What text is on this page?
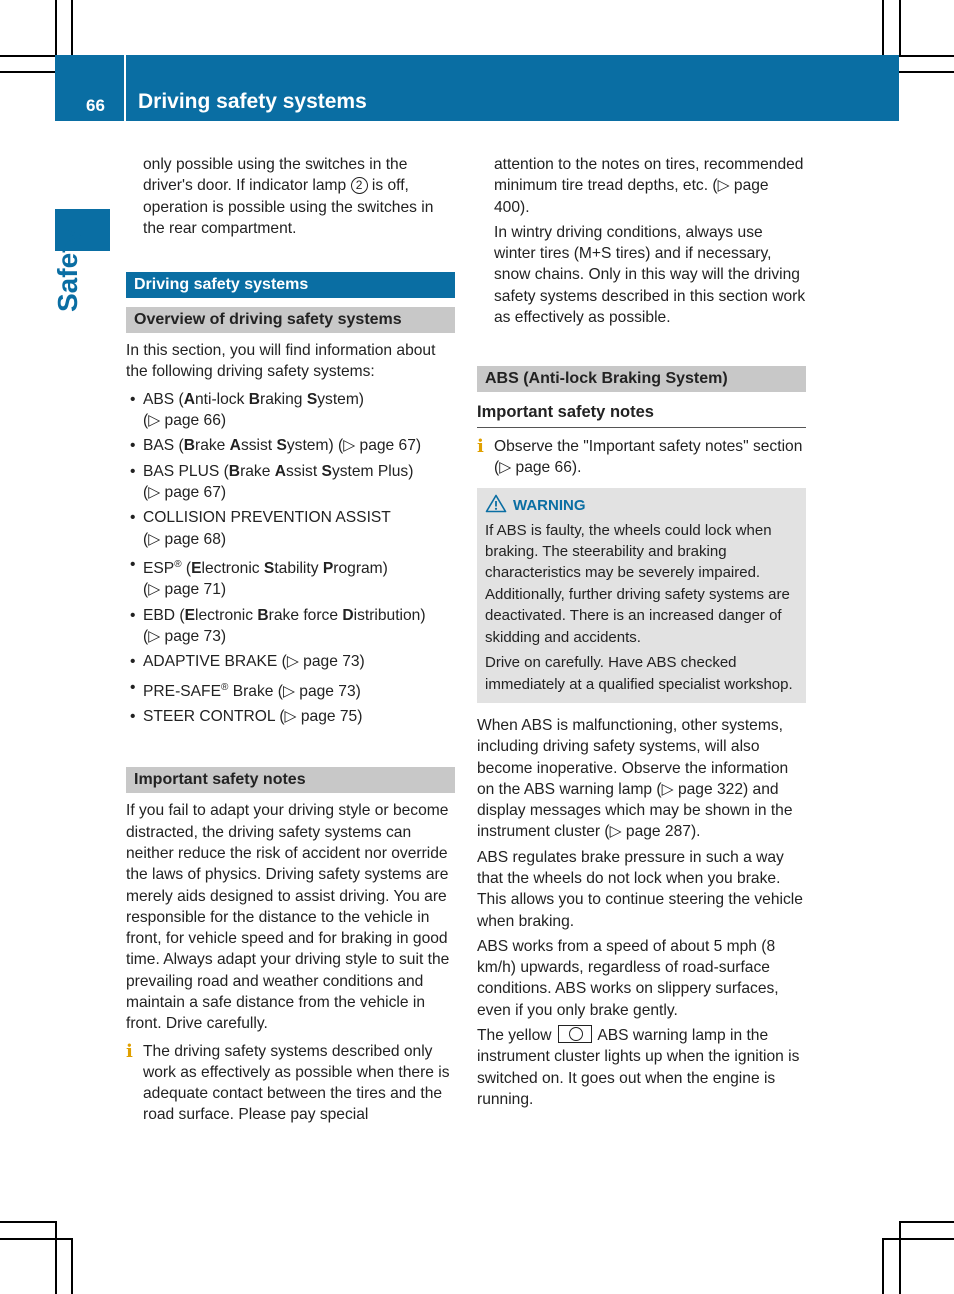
66 Driving safety systems
Safety
only possible using the switches in the
driver's door. If indicator lamp 2 is off,
operation is possible using the switches in
the rear compartment.
Driving safety systems
Overview of driving safety systems
In this section, you will find information about the following driving safety systems:
• ABS (Anti-lock Braking System)
(▷ page 66)
• BAS (Brake Assist System) (▷ page 67)
• BAS PLUS (Brake Assist System Plus)
(▷ page 67)
• COLLISION PREVENTION ASSIST
(▷ page 68)
• ESP® (Electronic Stability Program)
(▷ page 71)
• EBD (Electronic Brake force Distribution)
(▷ page 73)
• ADAPTIVE BRAKE (▷ page 73)
• PRE-SAFE® Brake (▷ page 73)
• STEER CONTROL (▷ page 75)
Important safety notes
If you fail to adapt your driving style or become distracted, the driving safety systems can neither reduce the risk of accident nor override the laws of physics. Driving safety systems are merely aids designed to assist driving. You are responsible for the distance to the vehicle in front, for vehicle speed and for braking in good time. Always adapt your driving style to suit the prevailing road and weather conditions and maintain a safe distance from the vehicle in front. Drive carefully.
i The driving safety systems described only work as effectively as possible when there is adequate contact between the tires and the road surface. Please pay special
attention to the notes on tires, recommended minimum tire tread depths, etc. (▷ page 400).
In wintry driving conditions, always use winter tires (M+S tires) and if necessary, snow chains. Only in this way will the driving safety systems described in this section work as effectively as possible.
ABS (Anti-lock Braking System)
Important safety notes
i Observe the "Important safety notes" section (▷ page 66).
WARNING
If ABS is faulty, the wheels could lock when braking. The steerability and braking characteristics may be severely impaired. Additionally, further driving safety systems are deactivated. There is an increased danger of skidding and accidents.
Drive on carefully. Have ABS checked immediately at a qualified specialist workshop.
When ABS is malfunctioning, other systems, including driving safety systems, will also become inoperative. Observe the information on the ABS warning lamp (▷ page 322) and display messages which may be shown in the instrument cluster (▷ page 287).
ABS regulates brake pressure in such a way that the wheels do not lock when you brake. This allows you to continue steering the vehicle when braking.
ABS works from a speed of about 5 mph (8 km/h) upwards, regardless of road-surface conditions. ABS works on slippery surfaces, even if you only brake gently.
The yellow	ABS warning lamp in the instrument cluster lights up when the ignition is switched on. It goes out when the engine is running.
